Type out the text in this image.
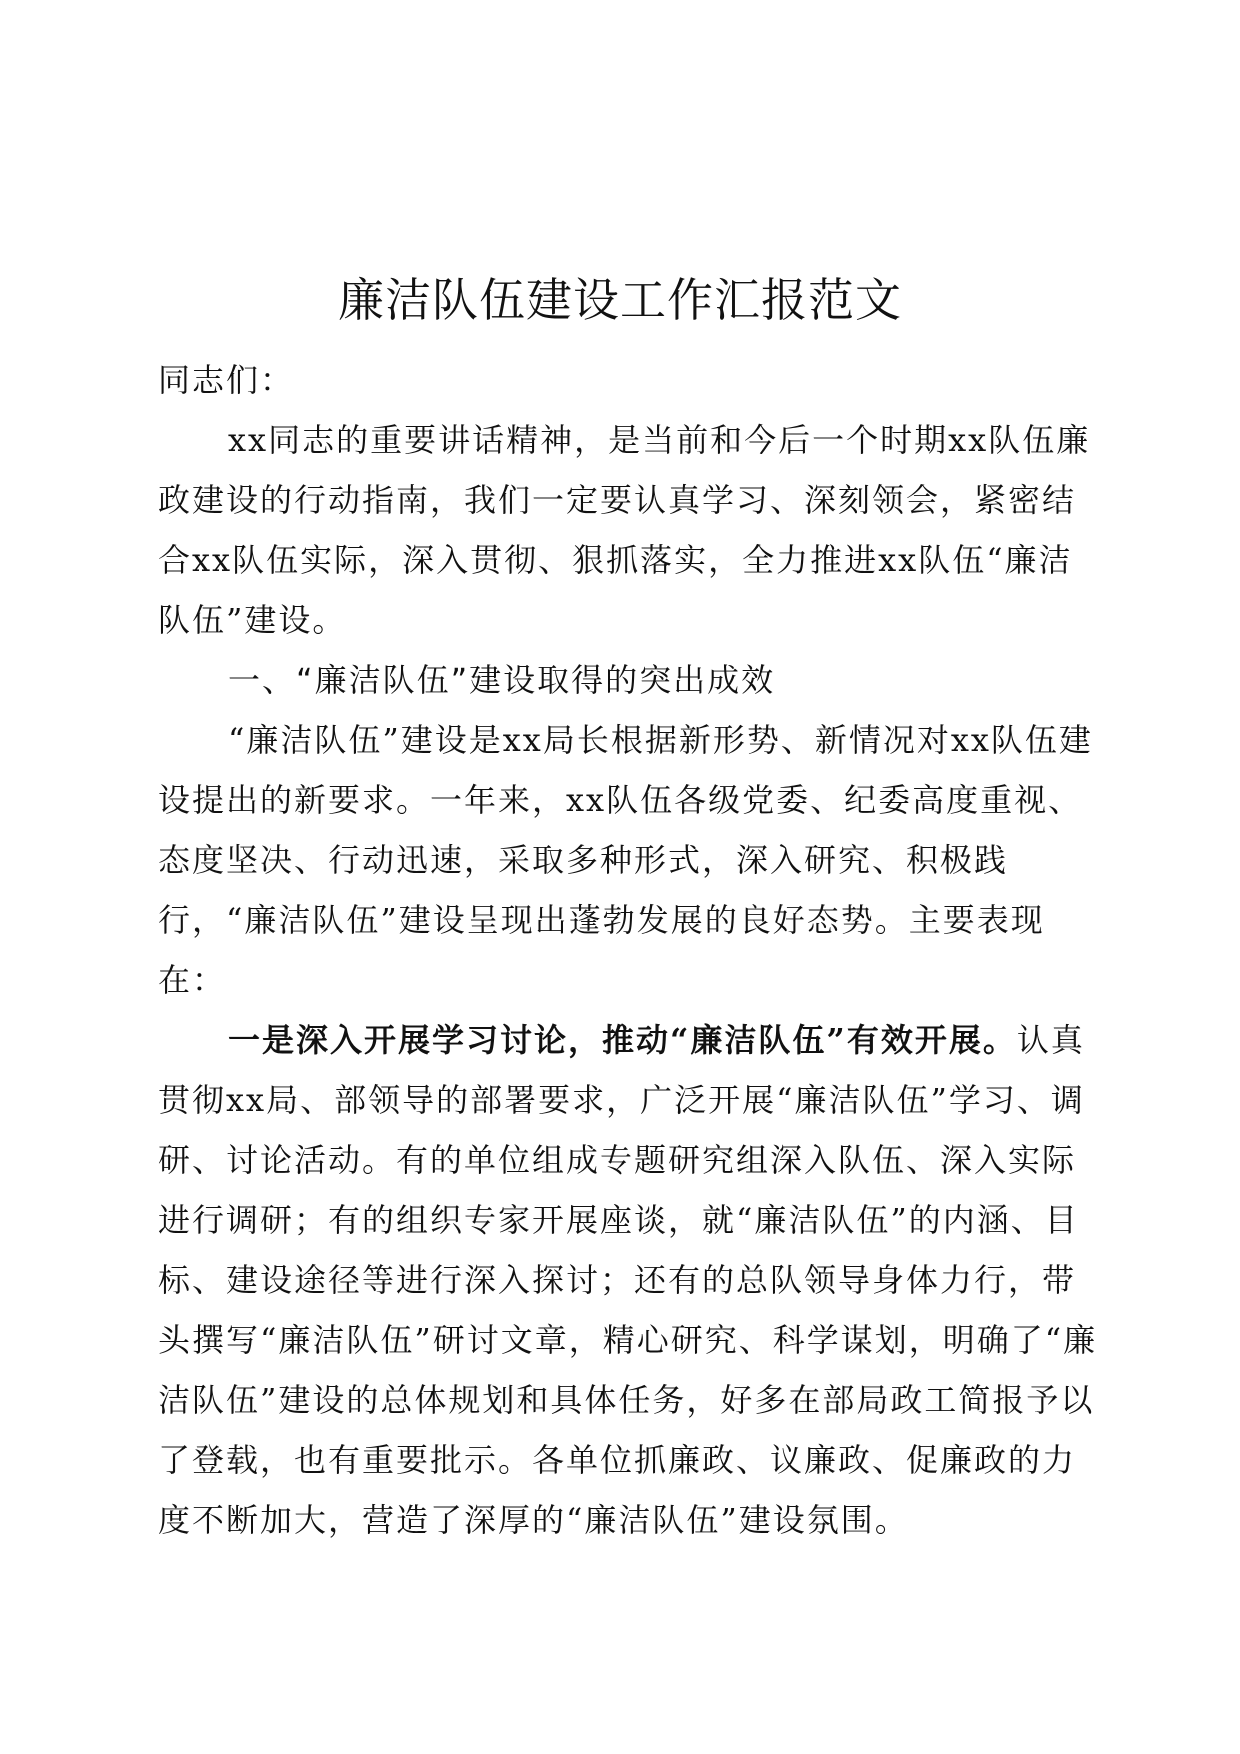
廉洁队伍建设工作汇报范文

同志们：

xx同志的重要讲话精神，是当前和今后一个时期xx队伍廉政建设的行动指南，我们一定要认真学习、深刻领会，紧密结合xx队伍实际，深入贯彻、狠抓落实，全力推进xx队伍“廉洁队伍”建设。

一、“廉洁队伍”建设取得的突出成效

“廉洁队伍”建设是xx局长根据新形势、新情况对xx队伍建设提出的新要求。一年来，xx队伍各级党委、纪委高度重视、态度坚决、行动迅速，采取多种形式，深入研究、积极践行，“廉洁队伍”建设呈现出蓬勃发展的良好态势。主要表现在：

一是深入开展学习讨论，推动“廉洁队伍”有效开展。认真贯彻xx局、部领导的部署要求，广泛开展“廉洁队伍”学习、调研、讨论活动。有的单位组成专题研究组深入队伍、深入实际进行调研；有的组织专家开展座谈，就“廉洁队伍”的内涵、目标、建设途径等进行深入探讨；还有的总队领导身体力行，带头撰写“廉洁队伍”研讨文章，精心研究、科学谋划，明确了“廉洁队伍”建设的总体规划和具体任务，好多在部局政工简报予以了登载，也有重要批示。各单位抓廉政、议廉政、促廉政的力度不断加大，营造了深厚的“廉洁队伍”建设氛围。
